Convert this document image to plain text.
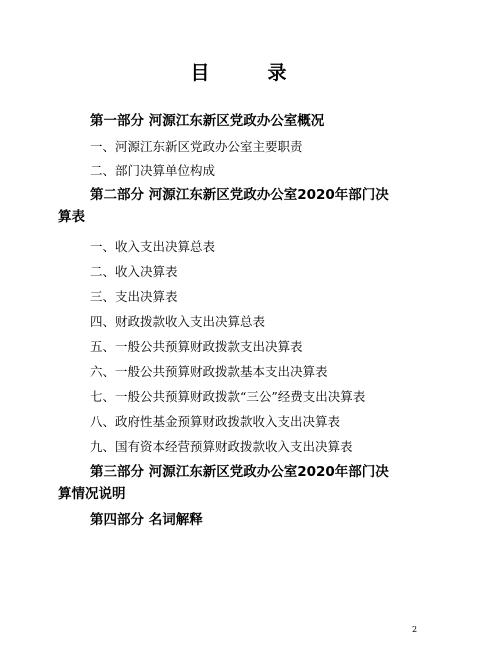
目	录
第一部分 河源江东新区党政办公室概况
一、河源江东新区党政办公室主要职责
二、部门决算单位构成
第二部分 河源江东新区党政办公室2020年部门决
算表
一、收入支出决算总表
二、收入决算表
三、支出决算表
四、财政拨款收入支出决算总表
五、一般公共预算财政拨款支出决算表
六、一般公共预算财政拨款基本支出决算表
七、一般公共预算财政拨款“三公”经费支出决算表
八、政府性基金预算财政拨款收入支出决算表
九、国有资本经营预算财政拨款收入支出决算表
第三部分 河源江东新区党政办公室2020年部门决
算情况说明
第四部分 名词解释
2
